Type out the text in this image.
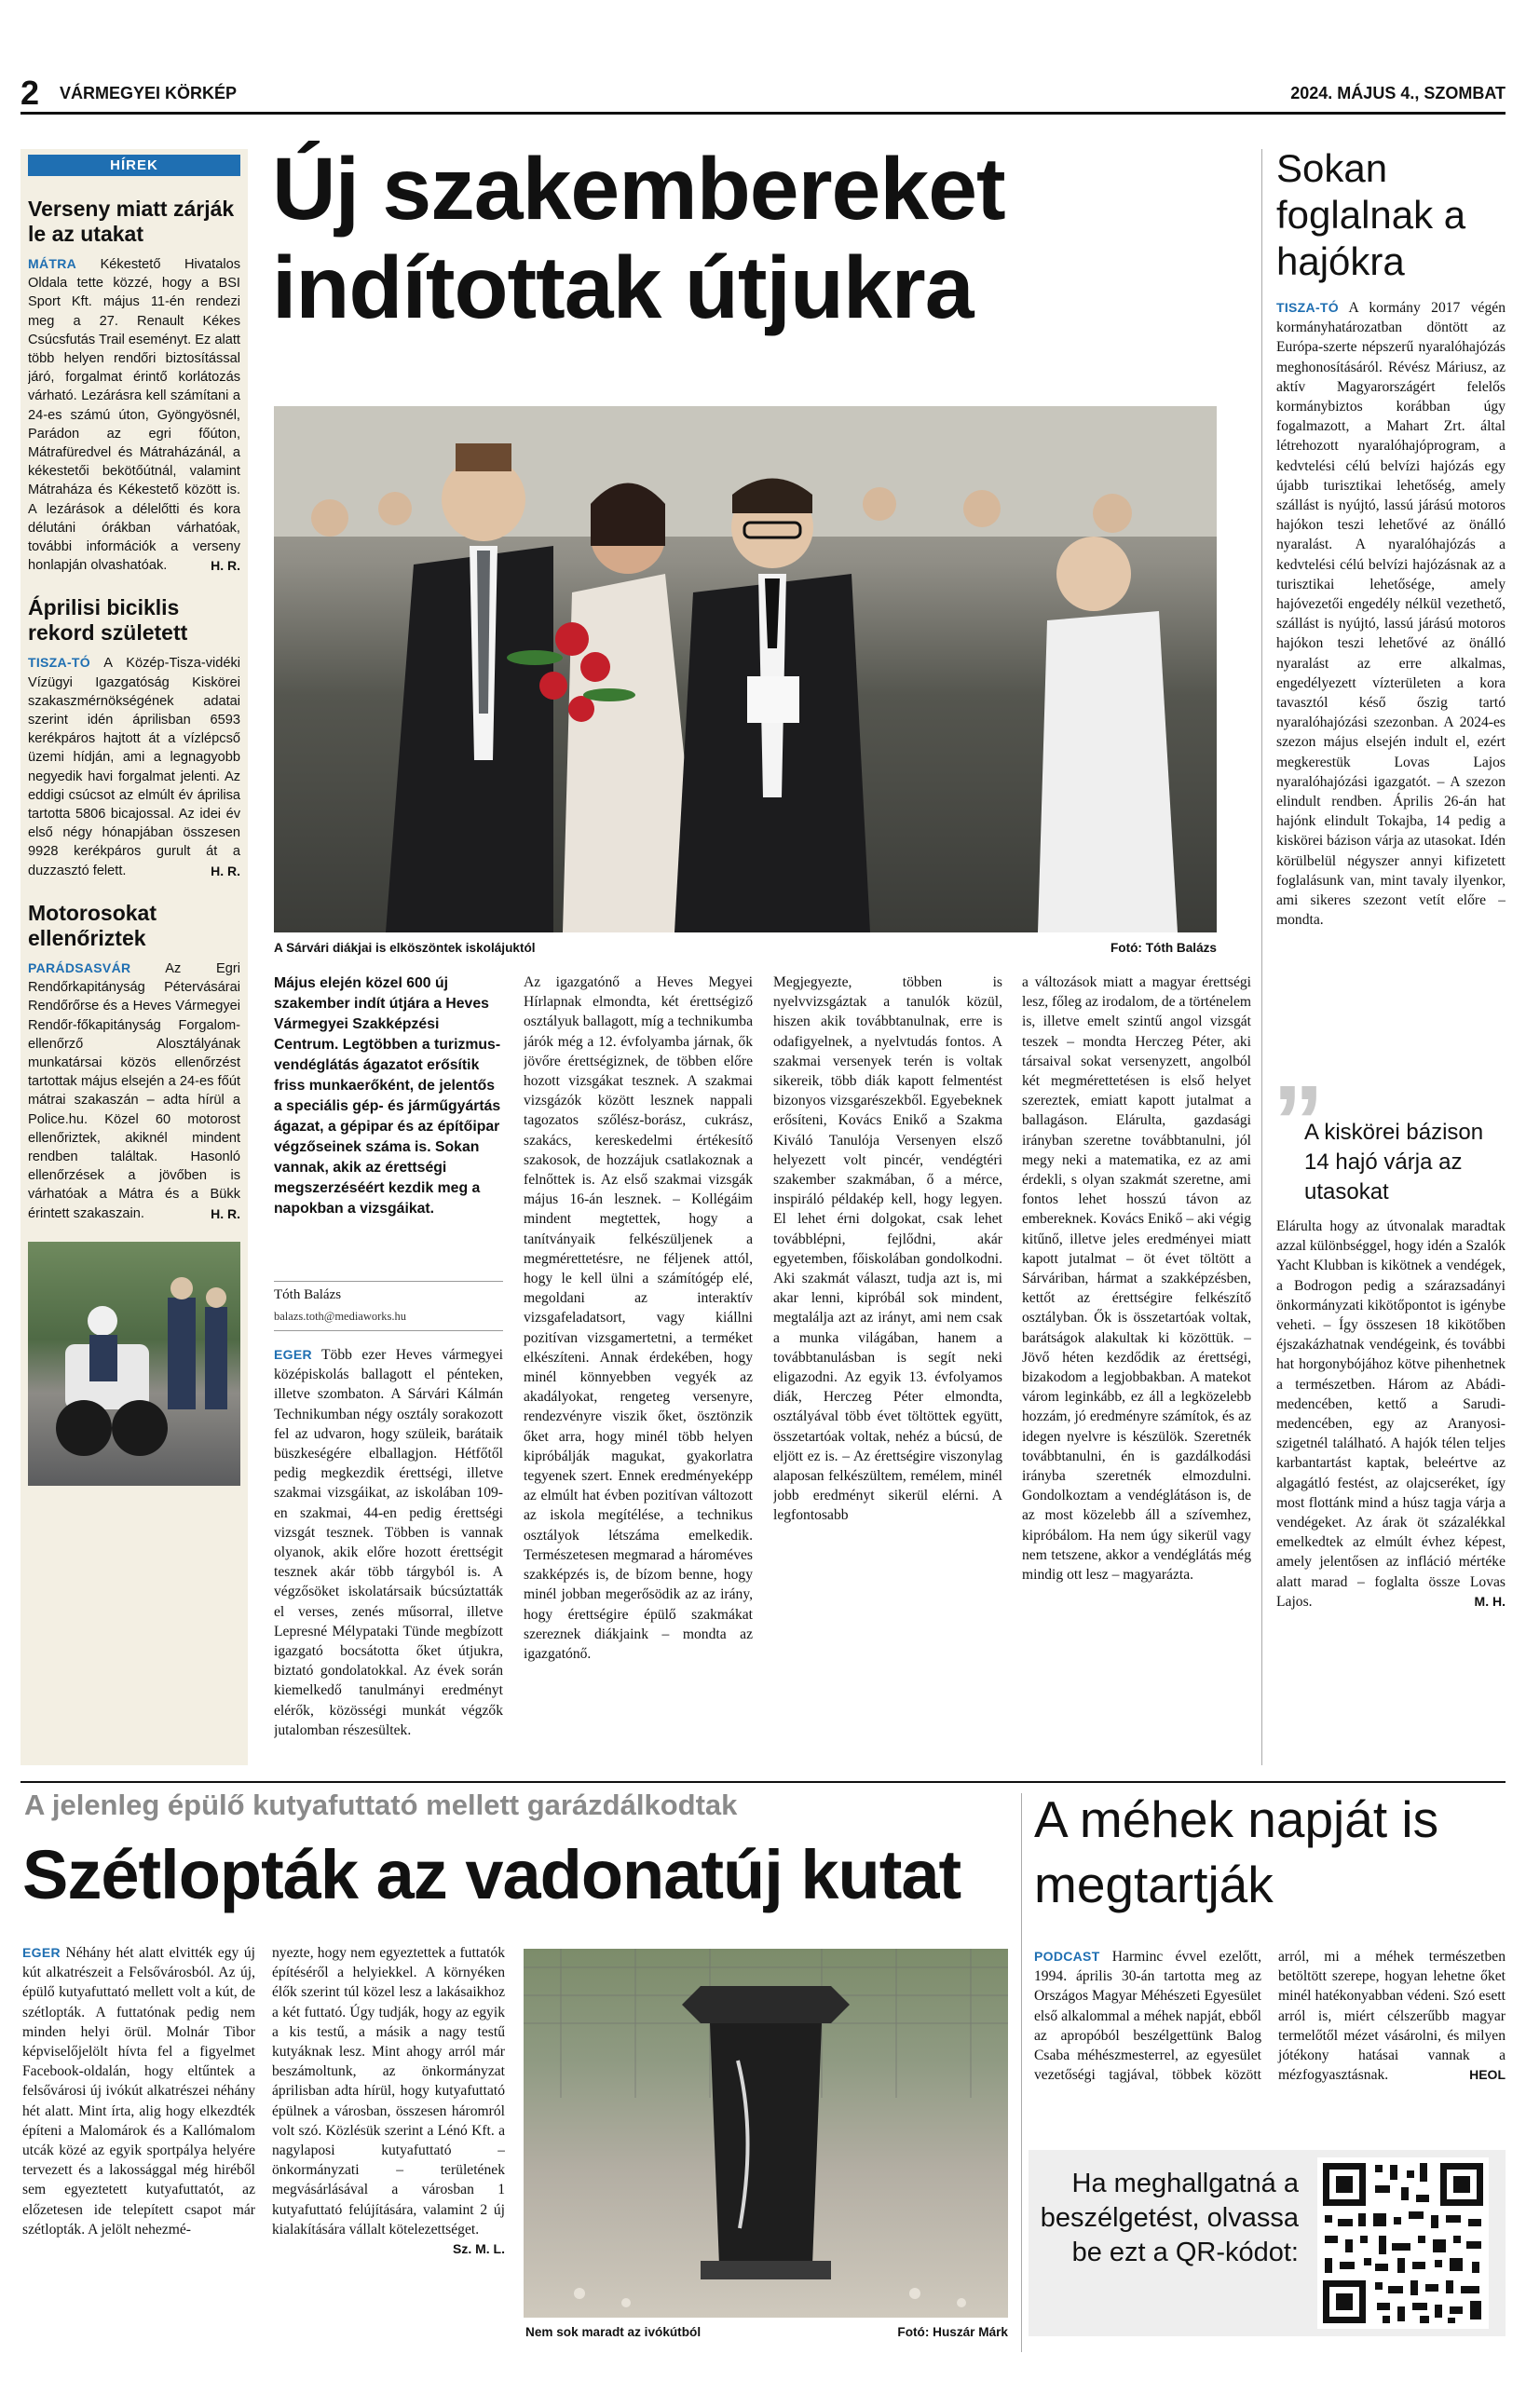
2 VÁRMEGYEI KÖRKÉP	2024. MÁJUS 4., SZOMBAT
HÍREK
Verseny miatt zárják le az utakat
MÁTRA Kékestető Hivatalos Oldala tette közzé, hogy a BSI Sport Kft. május 11-én rendezi meg a 27. Renault Kékes Csúcsfutás Trail eseményt. Ez alatt több helyen rendőri biztosítással járó, forgalmat érintő korlátozás várható. Lezárásra kell számítani a 24-es számú úton, Gyöngyösnél, Parádon az egri főúton, Mátrafüredvel és Mátraházánál, a kékestetői bekötőútnál, valamint Mátraháza és Kékestető között is. A lezárások a délelőtti és kora délutáni órákban várhatóak, további információk a verseny honlapján olvashatóak.	H. R.
Áprilisi biciklis rekord született
TISZA-TÓ A Közép-Tisza-vidéki Vízügyi Igazgatóság Kiskörei szakaszmérnökségének adatai szerint idén áprilisban 6593 kerékpáros hajtott át a vízlépcső üzemi hídján, ami a legnagyobb negyedik havi forgalmat jelenti. Az eddigi csúcsot az elmúlt év áprilisa tartotta 5806 bicajossal. Az idei év első négy hónapjában összesen 9928 kerékpáros gurult át a duzzasztó felett.	H. R.
Motorosokat ellenőriztek
PARÁDSASVÁR	Az Egri Rendőrkapitányság Pétervásárai Rendőrőrse és a Heves Vármegyei Rendőr-főkapitányság Forgalom-ellenőrző Alosztályának munkatársai közös ellenőrzést tartottak május elsején a 24-es főút mátrai szakaszán – adta hírül a Police.hu. Közel 60 motorost ellenőriztek, akiknél mindent rendben találtak. Hasonló ellenőrzések a jövőben is várhatóak a Mátra és a Bükk érintett szakaszain.	H. R.
Új szakembereket indítottak útjukra
A Sárvári diákjai is elköszöntek iskolájuktól	Fotó: Tóth Balázs
Május elején közel 600 új szakember indít útjára a Heves Vármegyei Szakképzési Centrum. Legtöbben a turizmus-vendéglátás ágazatot erősítik friss munkaerőként, de jelentős a speciális gép- és járműgyártás ágazat, a gépipar és az építőipar végzőseinek száma is. Sokan vannak, akik az érettségi megszerzéséért kezdik meg a napokban a vizsgáikat.
Tóth Balázs
balazs.toth@mediaworks.hu
EGER Több ezer Heves vármegyei középiskolás ballagott el pénteken, illetve szombaton. A Sárvári Kálmán Technikumban négy osztály sorakozott fel az udvaron, hogy szüleik, barátaik büszkeségére elballagjon. Hétfőtől pedig megkezdik érettségi, illetve szakmai vizsgáikat, az iskolában 109-en szakmai, 44-en pedig érettségi vizsgát tesznek. Többen is vannak olyanok, akik előre hozott érettségit tesznek akár több tárgyból is. A végzősöket iskolatársaik búcsúztatták el verses, zenés műsorral, illetve Lepresné Mélypataki Tünde megbízott igazgató bocsátotta őket útjukra, biztató gondolatokkal. Az évek során kiemelkedő tanulmányi eredményt elérők, közösségi munkát végzők jutalomban részesültek.
Az igazgatónő a Heves Megyei Hírlapnak elmondta, két érettségiző osztályuk ballagott, míg a technikumba járók még a 12. évfolyamba járnak, ők jövőre érettségiznek, de többen előre hozott vizsgákat tesznek. A szakmai vizsgázók között lesznek nappali tagozatos szőlész-borász, cukrász, szakács, kereskedelmi értékesítő szakosok, de hozzájuk csatlakoznak a felnőttek is. Az első szakmai vizsgák május 16-án lesznek. – Kollégáim mindent megtettek, hogy a tanítványaik felkészüljenek a megmérettetésre, ne féljenek attól, hogy le kell ülni a számítógép elé, megoldani az interaktív vizsgafeladatsort, vagy kiállni pozitívan vizsgamertetni, a terméket elkészíteni. Annak érdekében, hogy minél könnyebben vegyék az akadályokat, rengeteg versenyre, rendezvényre viszik őket, ösztönzik őket arra, hogy minél több helyen kipróbálják magukat, gyakorlatra tegyenek szert. Ennek eredményeképp az elmúlt hat évben pozitívan változott az iskola megítélése, a technikus osztályok létszáma emelkedik. Természetesen megmarad a hároméves szakképzés is, de bízom benne, hogy minél jobban megerősödik az az irány, hogy érettségire épülő szakmákat szereznek diákjaink – mondta az igazgatónő.
Megjegyezte, többen is nyelvvizsgáztak a tanulók közül, hiszen akik továbbtanulnak, erre is odafigyelnek, a nyelvtudás fontos. A szakmai versenyek terén is voltak sikereik, több diák kapott felmentést bizonyos vizsgarészekből. Egyebeknek erősíteni, Kovács Enikő a Szakma Kiváló Tanulója Versenyen elsző helyezett volt pincér, vendégtéri szakember szakmában, ő a mérce, inspiráló példakép kell, hogy legyen. El lehet érni dolgokat, csak lehet továbblépni, fejlődni, akár egyetemben, főiskolában gondolkodni. Aki szakmát választ, tudja azt is, mi akar lenni, kipróbál sok mindent, megtalálja azt az irányt, ami nem csak a munka világában, hanem a továbbtanulásban is segít neki eligazodni. Az egyik 13. évfolyamos diák, Herczeg Péter elmondta, osztályával több évet töltöttek együtt, összetartóak voltak, nehéz a búcsú, de eljött ez is. – Az érettségire viszonylag alaposan felkészültem, remélem, minél jobb eredményt sikerül elérni. A legfontosabb
a változások miatt a magyar érettségi lesz, főleg az irodalom, de a történelem is, illetve emelt szintű angol vizsgát teszek – mondta Herczeg Péter, aki társaival sokat versenyzett, angolból két megmérettetésen is első helyet szereztek, emiatt kapott jutalmat a ballagáson. Elárulta, gazdasági irányban szeretne továbbtanulni, jól megy neki a matematika, ez az ami érdekli, s olyan szakmát szeretne, ami fontos lehet hosszú távon az embereknek. Kovács Enikő – aki végig kitűnő, illetve jeles eredményei miatt kapott jutalmat – öt évet töltött a Sárváriban, hármat a szakképzésben, kettőt az érettségire felkészítő osztályban. Ők is összetartóak voltak, barátságok alakultak ki közöttük. – Jövő héten kezdődik az érettségi, bizakodom a legjobbakban. A matekot várom leginkább, ez áll a legközelebb hozzám, jó eredményre számítok, és az idegen nyelvre is készülök. Szeretnék továbbtanulni, én is gazdálkodási irányba szeretnék elmozdulni. Gondolkoztam a vendéglátáson is, de az most közelebb áll a szívemhez, kipróbálom. Ha nem úgy sikerül vagy nem tetszene, akkor a vendéglátás még mindig ott lesz – magyarázta.
Sokan foglalnak a hajókra
TISZA-TÓ A kormány 2017 végén kormányhatározatban döntött az Európa-szerte népszerű nyaralóhajózás meghonosításáról. Révész Máriusz, az aktív Magyarországért felelős kormánybiztos korábban úgy fogalmazott, a Mahart Zrt. által létrehozott nyaralóhajóprogram, a kedvtelési célú belvízi hajózás egy újabb turisztikai lehetőség, amely szállást is nyújtó, lassú járású motoros hajókon teszi lehetővé az önálló nyaralást. A nyaralóhajózás a kedvtelési célú belvízi hajózásnak az a turisztikai lehetősége, amely hajóvezetői engedély nélkül vezethető, szállást is nyújtó, lassú járású motoros hajókon teszi lehetővé az önálló nyaralást az erre alkalmas, engedélyezett vízterületen a kora tavasztól késő őszig tartó nyaralóhajózási szezonban. A 2024-es szezon május elsején indult el, ezért megkerestük Lovas Lajos nyaralóhajózási igazgatót. – A szezon elindult rendben. Április 26-án hat hajónk elindult Tokajba, 14 pedig a kiskörei bázison várja az utasokat. Idén körülbelül négyszer annyi kifizetett foglalásunk van, mint tavaly ilyenkor, ami sikeres szezont vetít előre – mondta.
”
A kiskörei bázison 14 hajó várja az utasokat
Elárulta hogy az útvonalak maradtak azzal különbséggel, hogy idén a Szalók Yacht Klubban is kikötnek a vendégek, a Bodrogon pedig a szárazsadányi önkormányzati kikötőpontot is igénybe veheti. – Így összesen 18 kikötőben éjszakázhatnak vendégeink, és további hat horgonybójához kötve pihenhetnek a természetben. Három az Abádi-medencében, kettő a Sarudi-medencében, egy az Aranyosi-szigetnél található. A hajók télen teljes karbantartást kaptak, beleértve az algagátló festést, az olajcseréket, így most flottánk mind a húsz tagja várja a vendégeket. Az árak öt százalékkal emelkedtek az elmúlt évhez képest, amely jelentősen az infláció mértéke alatt marad – foglalta össze Lovas Lajos.	M. H.
A jelenleg épülő kutyafuttató mellett garázdálkodtak
Szétlopták az vadonatúj kutat
EGER Néhány hét alatt elvitték egy új kút alkatrészeit a Felsővárosból. Az új, épülő kutyafuttató mellett volt a kút, de szétlopták. A futtatónak pedig nem minden helyi örül. Molnár Tibor képviselőjelölt hívta fel a figyelmet Facebook-oldalán, hogy eltűntek a felsővárosi új ivókút alkatrészei néhány hét alatt. Mint írta, alig hogy elkezdték építeni a Malomárok és a Kallómalom utcák közé az egyik sportpálya helyére tervezett és a lakossággal még hiréből sem egyeztetett kutyafuttatót, az előzetesen ide telepített csapot már szétlopták. A jelölt nehezmé-
nyezte, hogy nem egyeztettek a futtatók építéséről a helyiekkel. A környéken élők szerint túl közel lesz a lakásaikhoz a két futtató. Úgy tudják, hogy az egyik a kis testű, a másik a nagy testű kutyáknak lesz. Mint ahogy arról már beszámoltunk, az önkormányzat áprilisban adta hírül, hogy kutyafuttató épülnek a városban, összesen háromról volt szó. Közlésük szerint a Lénó Kft. a nagylaposi kutyafuttató – önkormányzati – területének megvásárlásával a városban 1 kutyafuttató felújítására, valamint 2 új kialakítására vállalt kötelezettséget.
Sz. M. L.
Nem sok maradt az ivókútból	Fotó: Huszár Márk
A méhek napját is megtartják
PODCAST Harminc évvel ezelőtt, 1994. április 30-án tartotta meg az Országos Magyar Méhészeti Egyesület első alkalommal a méhek napját, ebből az apropóból beszélgettünk Balog Csaba méhészmesterrel, az egyesület vezetőségi tagjával, többek között arról, mi a méhek természetben betöltött szerepe, hogyan lehetne őket minél hatékonyabban védeni. Szó esett arról is, miért célszerűbb magyar termelőtől mézet vásárolni, és milyen jótékony hatásai vannak a mézfogyasztásnak.	HEOL
Ha meghallgatná a beszélgetést, olvassa be ezt a QR-kódot:
